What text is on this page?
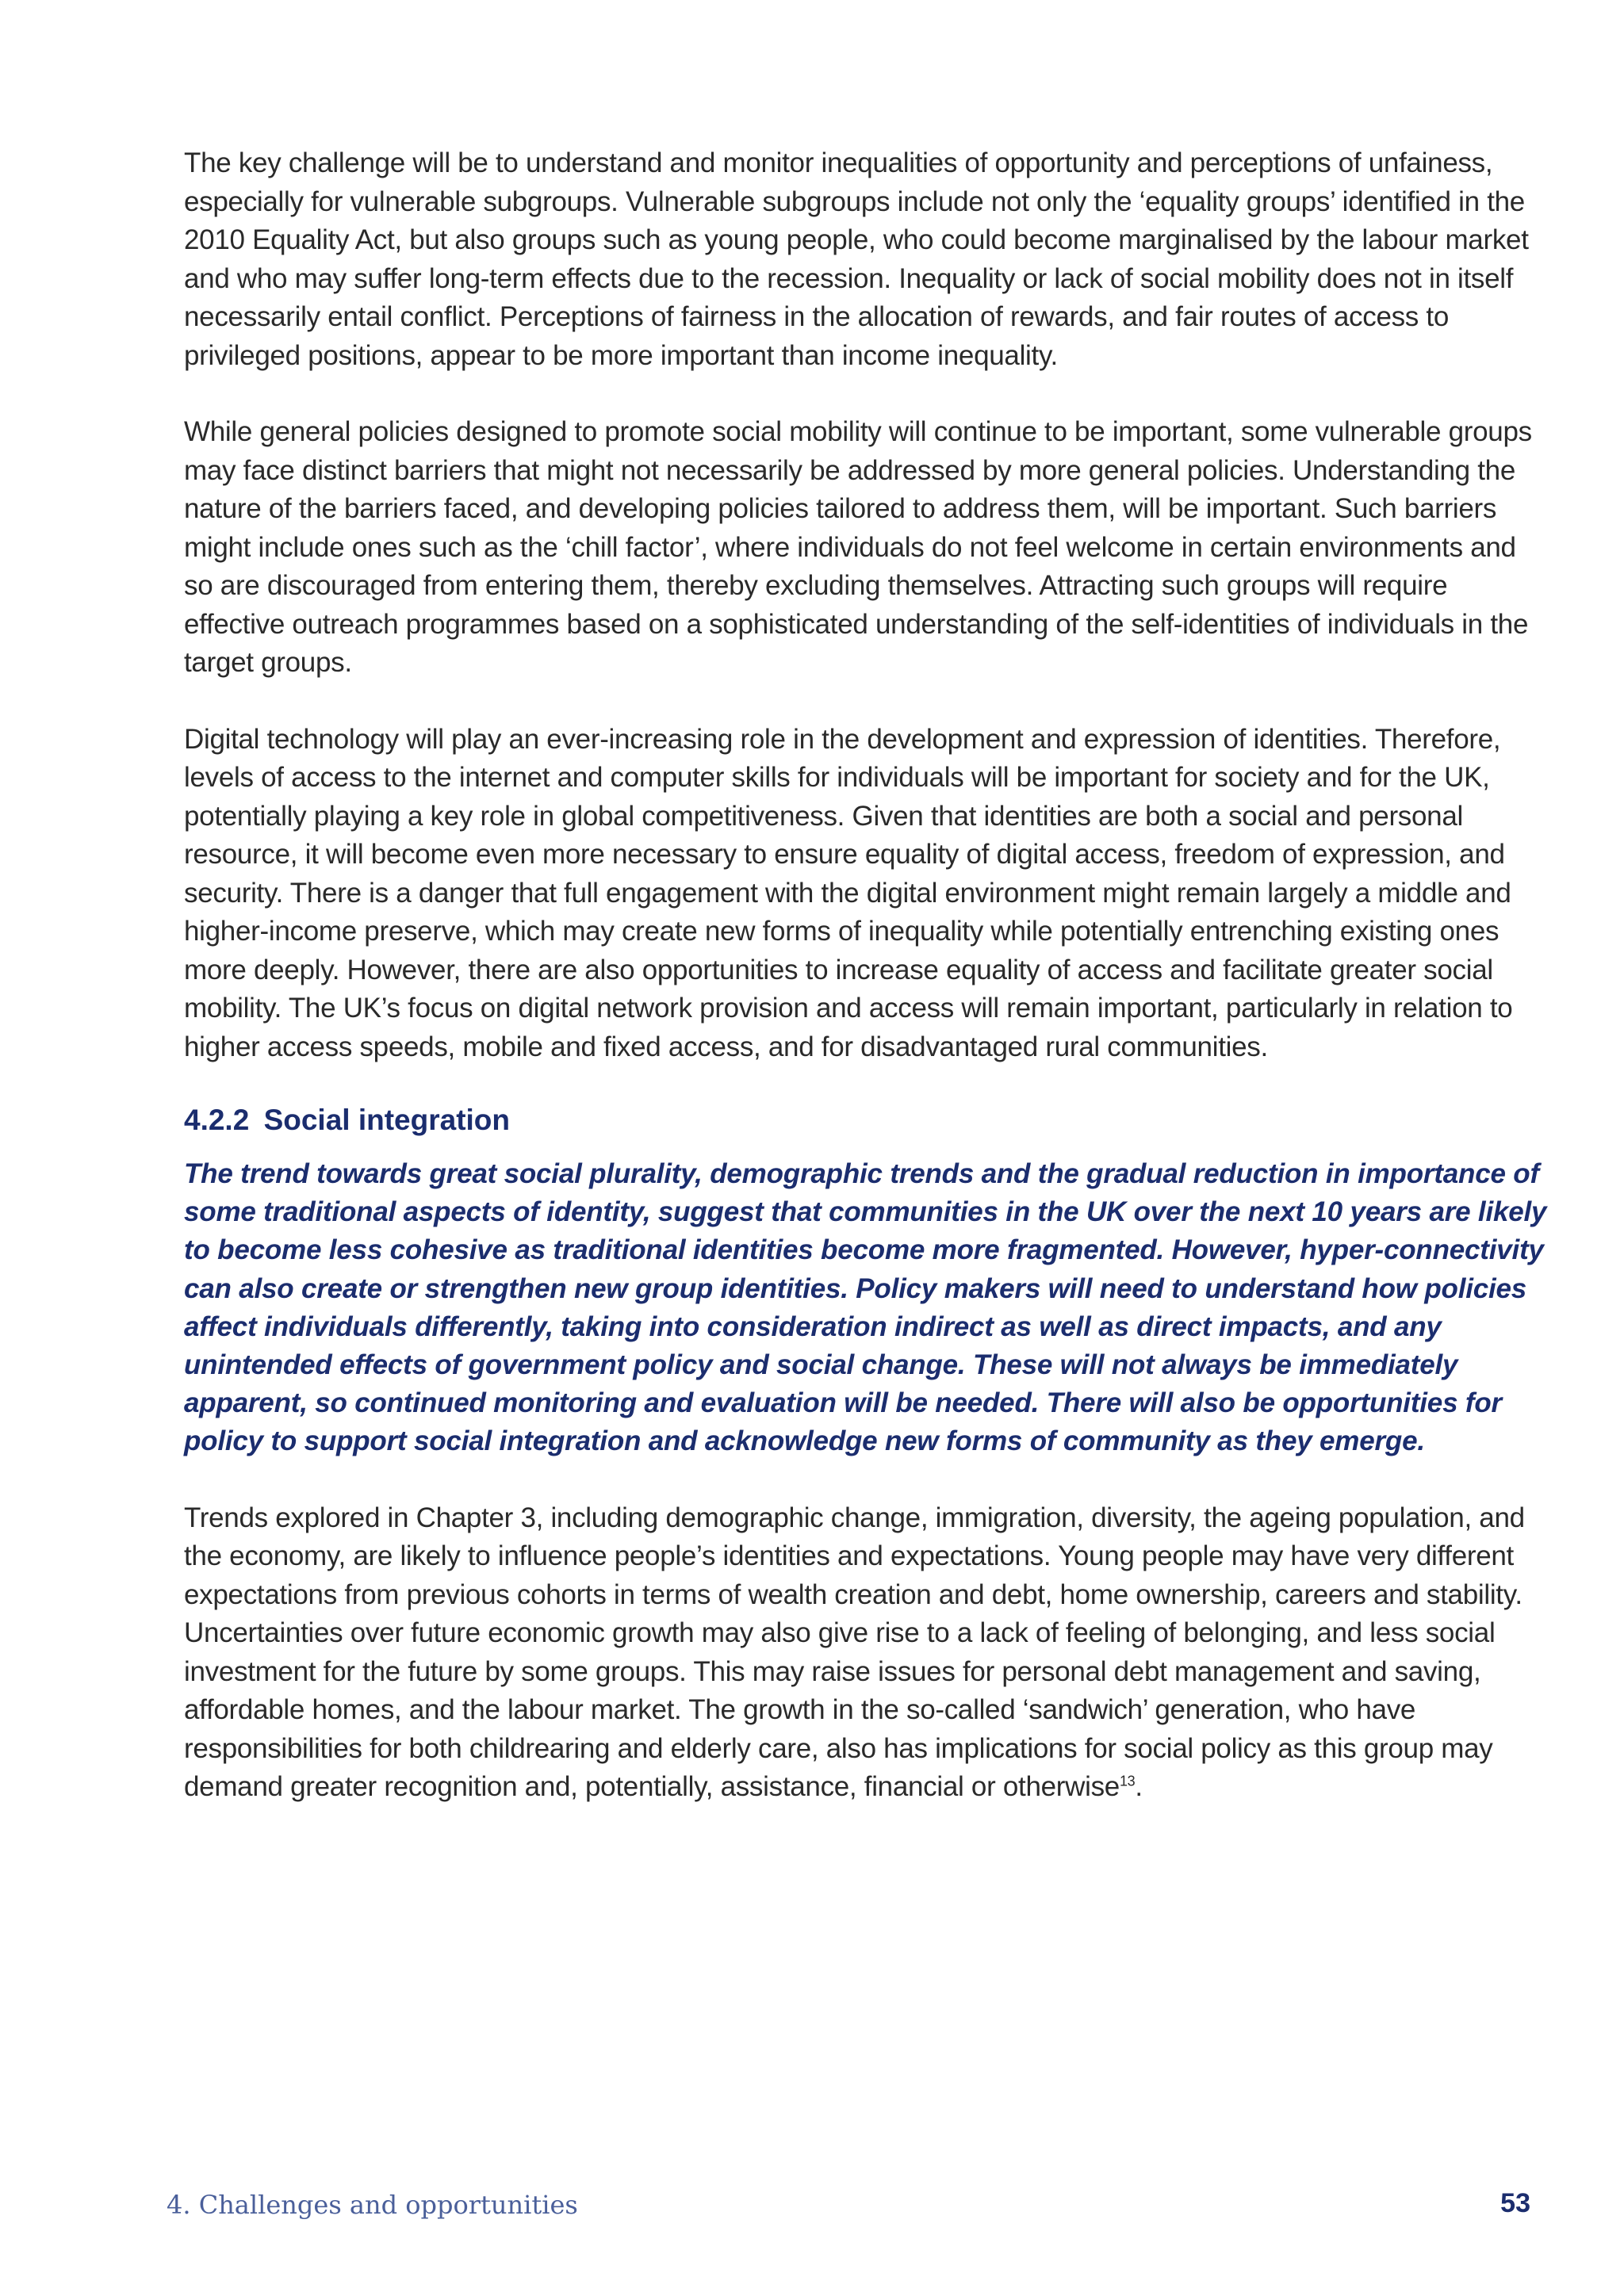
The key challenge will be to understand and monitor inequalities of opportunity and perceptions of unfainess, especially for vulnerable subgroups. Vulnerable subgroups include not only the ‘equality groups’ identified in the 2010 Equality Act, but also groups such as young people, who could become marginalised by the labour market and who may suffer long-term effects due to the recession. Inequality or lack of social mobility does not in itself necessarily entail conflict. Perceptions of fairness in the allocation of rewards, and fair routes of access to privileged positions, appear to be more important than income inequality.

While general policies designed to promote social mobility will continue to be important, some vulnerable groups may face distinct barriers that might not necessarily be addressed by more general policies. Understanding the nature of the barriers faced, and developing policies tailored to address them, will be important. Such barriers might include ones such as the ‘chill factor’, where individuals do not feel welcome in certain environments and so are discouraged from entering them, thereby excluding themselves. Attracting such groups will require effective outreach programmes based on a sophisticated understanding of the self-identities of individuals in the target groups.

Digital technology will play an ever-increasing role in the development and expression of identities. Therefore, levels of access to the internet and computer skills for individuals will be important for society and for the UK, potentially playing a key role in global competitiveness. Given that identities are both a social and personal resource, it will become even more necessary to ensure equality of digital access, freedom of expression, and security. There is a danger that full engagement with the digital environment might remain largely a middle and higher-income preserve, which may create new forms of inequality while potentially entrenching existing ones more deeply. However, there are also opportunities to increase equality of access and facilitate greater social mobility. The UK’s focus on digital network provision and access will remain important, particularly in relation to higher access speeds, mobile and fixed access, and for disadvantaged rural communities.

4.2.2 Social integration

The trend towards great social plurality, demographic trends and the gradual reduction in importance of some traditional aspects of identity, suggest that communities in the UK over the next 10 years are likely to become less cohesive as traditional identities become more fragmented. However, hyper-connectivity can also create or strengthen new group identities. Policy makers will need to understand how policies affect individuals differently, taking into consideration indirect as well as direct impacts, and any unintended effects of government policy and social change. These will not always be immediately apparent, so continued monitoring and evaluation will be needed. There will also be opportunities for policy to support social integration and acknowledge new forms of community as they emerge.

Trends explored in Chapter 3, including demographic change, immigration, diversity, the ageing population, and the economy, are likely to influence people’s identities and expectations. Young people may have very different expectations from previous cohorts in terms of wealth creation and debt, home ownership, careers and stability. Uncertainties over future economic growth may also give rise to a lack of feeling of belonging, and less social investment for the future by some groups. This may raise issues for personal debt management and saving, affordable homes, and the labour market. The growth in the so-called ‘sandwich’ generation, who have responsibilities for both childrearing and elderly care, also has implications for social policy as this group may demand greater recognition and, potentially, assistance, financial or otherwise$^{13}$.

4. Challenges and opportunities	53
